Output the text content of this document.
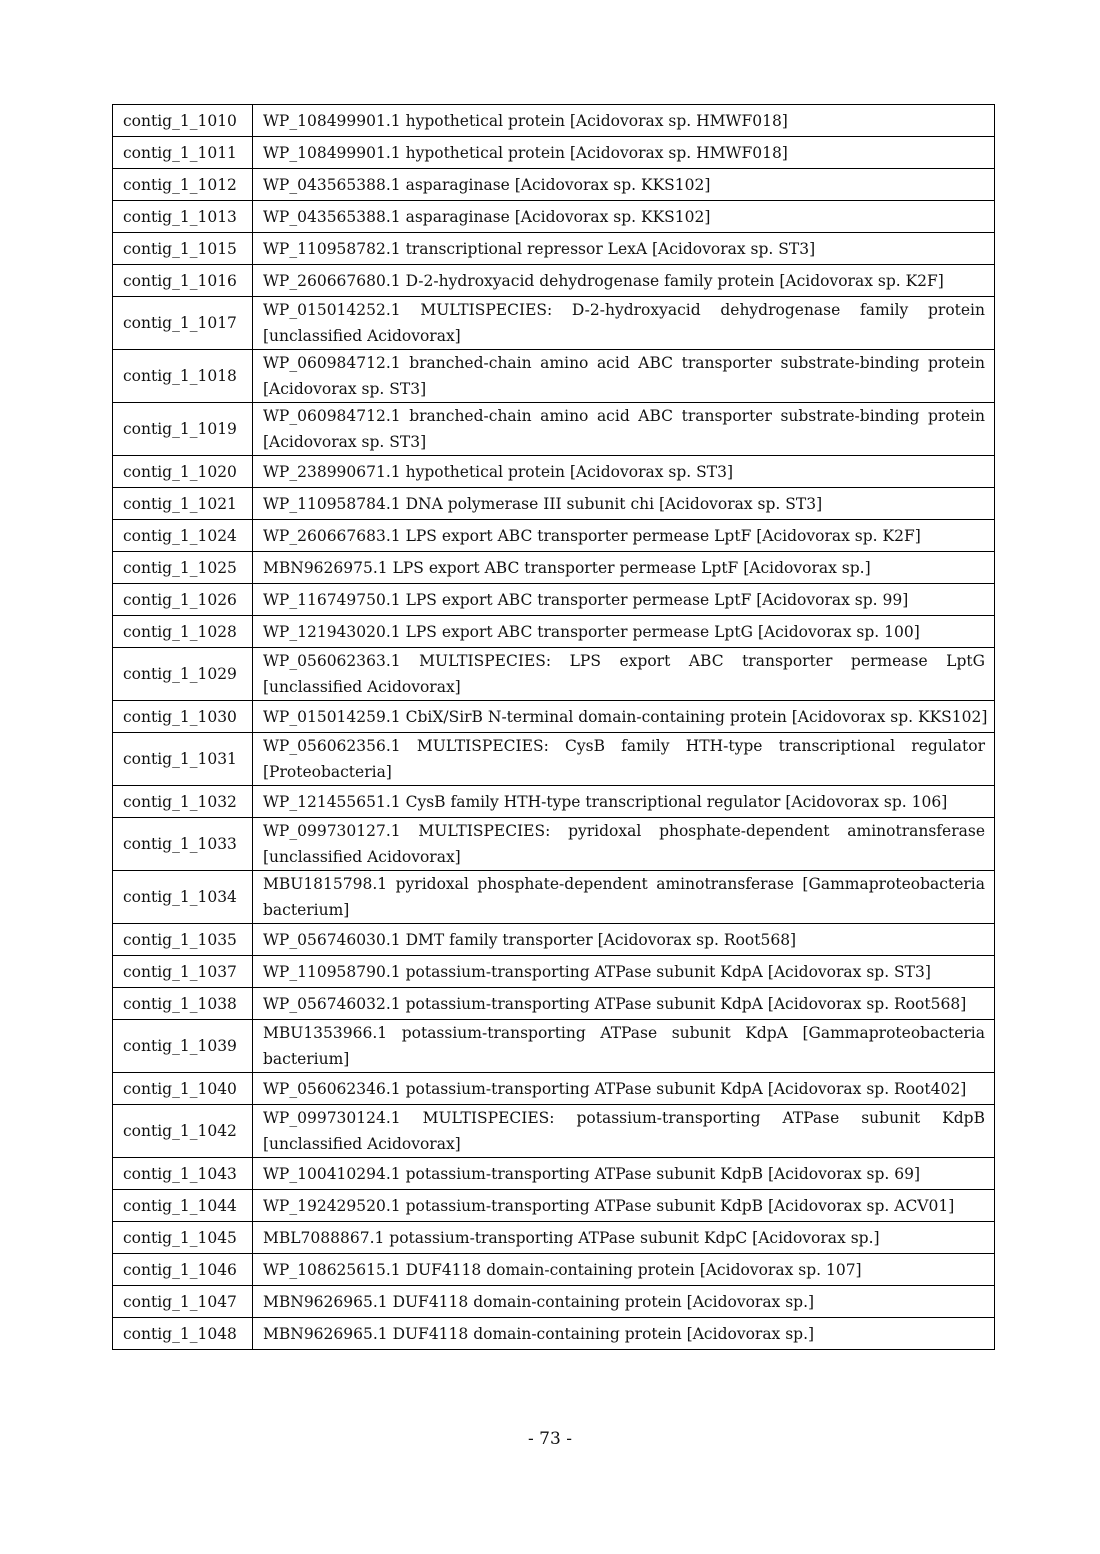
contig_1_1010	WP_108499901.1 hypothetical protein [Acidovorax sp. HMWF018]
contig_1_1011	WP_108499901.1 hypothetical protein [Acidovorax sp. HMWF018]
contig_1_1012	WP_043565388.1 asparaginase [Acidovorax sp. KKS102]
contig_1_1013	WP_043565388.1 asparaginase [Acidovorax sp. KKS102]
contig_1_1015	WP_110958782.1 transcriptional repressor LexA [Acidovorax sp. ST3]
contig_1_1016	WP_260667680.1 D-2-hydroxyacid dehydrogenase family protein [Acidovorax sp. K2F]
contig_1_1017	WP_015014252.1 MULTISPECIES: D-2-hydroxyacid dehydrogenase family protein [unclassified Acidovorax]
contig_1_1018	WP_060984712.1 branched-chain amino acid ABC transporter substrate-binding protein [Acidovorax sp. ST3]
contig_1_1019	WP_060984712.1 branched-chain amino acid ABC transporter substrate-binding protein [Acidovorax sp. ST3]
contig_1_1020	WP_238990671.1 hypothetical protein [Acidovorax sp. ST3]
contig_1_1021	WP_110958784.1 DNA polymerase III subunit chi [Acidovorax sp. ST3]
contig_1_1024	WP_260667683.1 LPS export ABC transporter permease LptF [Acidovorax sp. K2F]
contig_1_1025	MBN9626975.1 LPS export ABC transporter permease LptF [Acidovorax sp.]
contig_1_1026	WP_116749750.1 LPS export ABC transporter permease LptF [Acidovorax sp. 99]
contig_1_1028	WP_121943020.1 LPS export ABC transporter permease LptG [Acidovorax sp. 100]
contig_1_1029	WP_056062363.1 MULTISPECIES: LPS export ABC transporter permease LptG [unclassified Acidovorax]
contig_1_1030	WP_015014259.1 CbiX/SirB N-terminal domain-containing protein [Acidovorax sp. KKS102]
contig_1_1031	WP_056062356.1 MULTISPECIES: CysB family HTH-type transcriptional regulator [Proteobacteria]
contig_1_1032	WP_121455651.1 CysB family HTH-type transcriptional regulator [Acidovorax sp. 106]
contig_1_1033	WP_099730127.1 MULTISPECIES: pyridoxal phosphate-dependent aminotransferase [unclassified Acidovorax]
contig_1_1034	MBU1815798.1 pyridoxal phosphate-dependent aminotransferase [Gammaproteobacteria bacterium]
contig_1_1035	WP_056746030.1 DMT family transporter [Acidovorax sp. Root568]
contig_1_1037	WP_110958790.1 potassium-transporting ATPase subunit KdpA [Acidovorax sp. ST3]
contig_1_1038	WP_056746032.1 potassium-transporting ATPase subunit KdpA [Acidovorax sp. Root568]
contig_1_1039	MBU1353966.1 potassium-transporting ATPase subunit KdpA [Gammaproteobacteria bacterium]
contig_1_1040	WP_056062346.1 potassium-transporting ATPase subunit KdpA [Acidovorax sp. Root402]
contig_1_1042	WP_099730124.1 MULTISPECIES: potassium-transporting ATPase subunit KdpB [unclassified Acidovorax]
contig_1_1043	WP_100410294.1 potassium-transporting ATPase subunit KdpB [Acidovorax sp. 69]
contig_1_1044	WP_192429520.1 potassium-transporting ATPase subunit KdpB [Acidovorax sp. ACV01]
contig_1_1045	MBL7088867.1 potassium-transporting ATPase subunit KdpC [Acidovorax sp.]
contig_1_1046	WP_108625615.1 DUF4118 domain-containing protein [Acidovorax sp. 107]
contig_1_1047	MBN9626965.1 DUF4118 domain-containing protein [Acidovorax sp.]
contig_1_1048	MBN9626965.1 DUF4118 domain-containing protein [Acidovorax sp.]
- 73 -
